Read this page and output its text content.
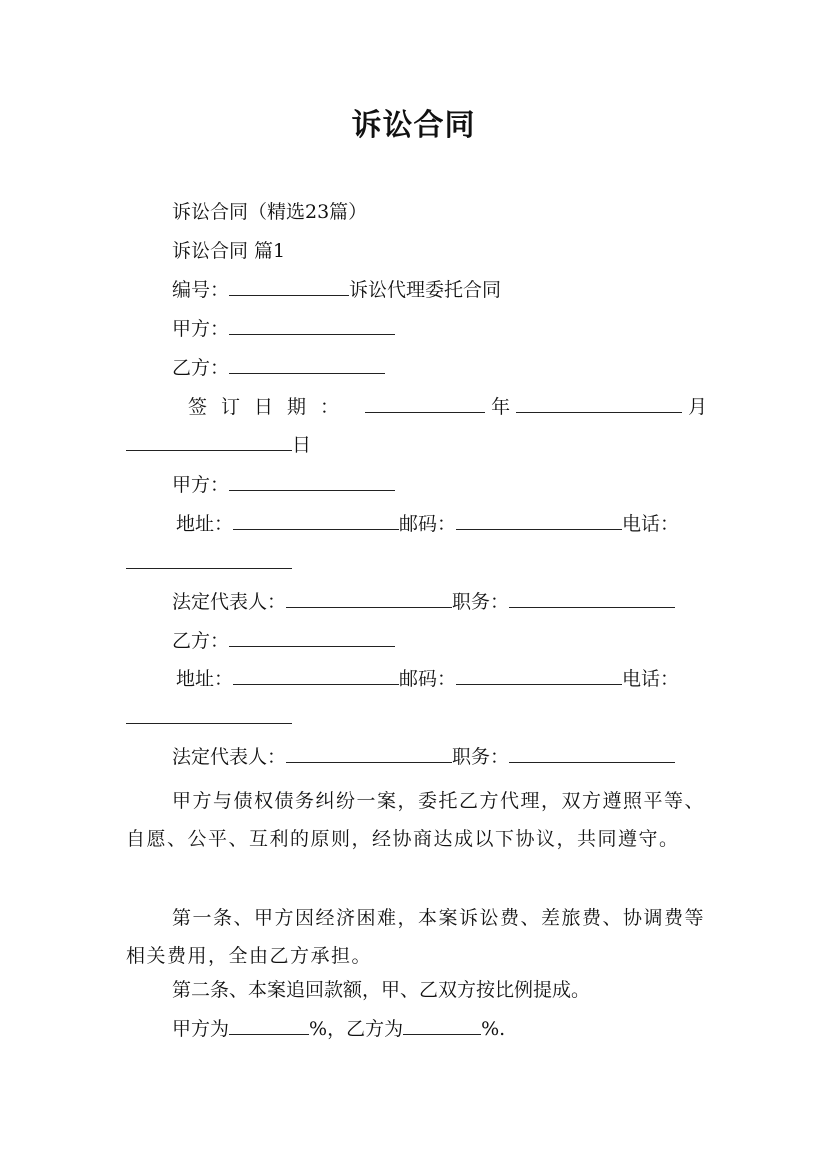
诉讼合同
诉讼合同（精选23篇）
诉讼合同 篇1
编号：	诉讼代理委托合同
甲方：
乙方：
签订日期：	年	月
日
甲方：
地址：	邮码：	电话：
法定代表人：	职务：
乙方：
地址：	邮码：	电话：
法定代表人：	职务：
甲方与债权债务纠纷一案，委托乙方代理，双方遵照平等、自愿、公平、互利的原则，经协商达成以下协议，共同遵守。
第一条、甲方因经济困难，本案诉讼费、差旅费、协调费等相关费用，全由乙方承担。
第二条、本案追回款额，甲、乙双方按比例提成。
甲方为	%，乙方为	%.
